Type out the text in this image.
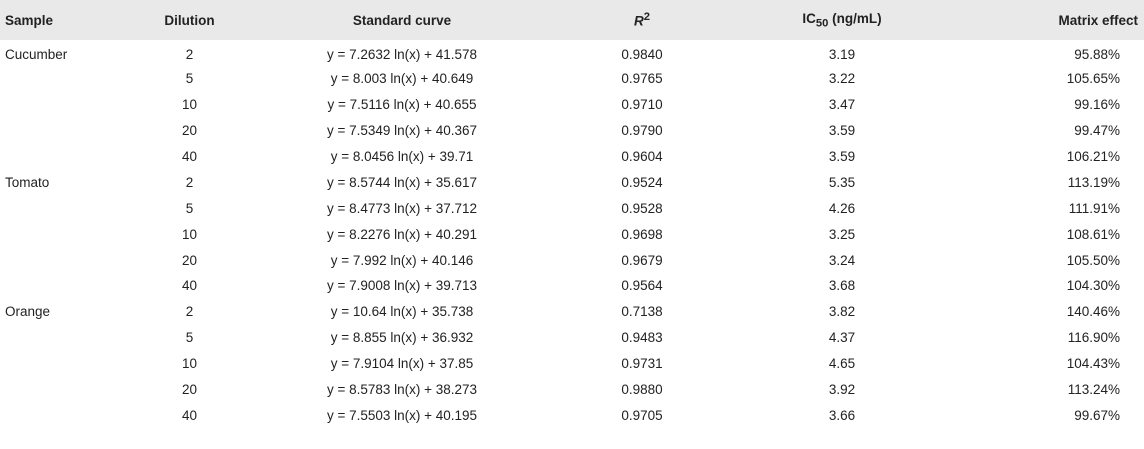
Sample	Dilution	Standard curve	$R^2$	$IC_{50}$ (ng/mL)	Matrix effect
Cucumber	2	y = 7.2632 ln(x) + 41.578	0.9840	3.19	95.88%
	5	y = 8.003 ln(x) + 40.649	0.9765	3.22	105.65%
	10	y = 7.5116 ln(x) + 40.655	0.9710	3.47	99.16%
	20	y = 7.5349 ln(x) + 40.367	0.9790	3.59	99.47%
	40	y = 8.0456 ln(x) + 39.71	0.9604	3.59	106.21%
Tomato	2	y = 8.5744 ln(x) + 35.617	0.9524	5.35	113.19%
	5	y = 8.4773 ln(x) + 37.712	0.9528	4.26	111.91%
	10	y = 8.2276 ln(x) + 40.291	0.9698	3.25	108.61%
	20	y = 7.992 ln(x) + 40.146	0.9679	3.24	105.50%
	40	y = 7.9008 ln(x) + 39.713	0.9564	3.68	104.30%
Orange	2	y = 10.64 ln(x) + 35.738	0.7138	3.82	140.46%
	5	y = 8.855 ln(x) + 36.932	0.9483	4.37	116.90%
	10	y = 7.9104 ln(x) + 37.85	0.9731	4.65	104.43%
	20	y = 8.5783 ln(x) + 38.273	0.9880	3.92	113.24%
	40	y = 7.5503 ln(x) + 40.195	0.9705	3.66	99.67%
